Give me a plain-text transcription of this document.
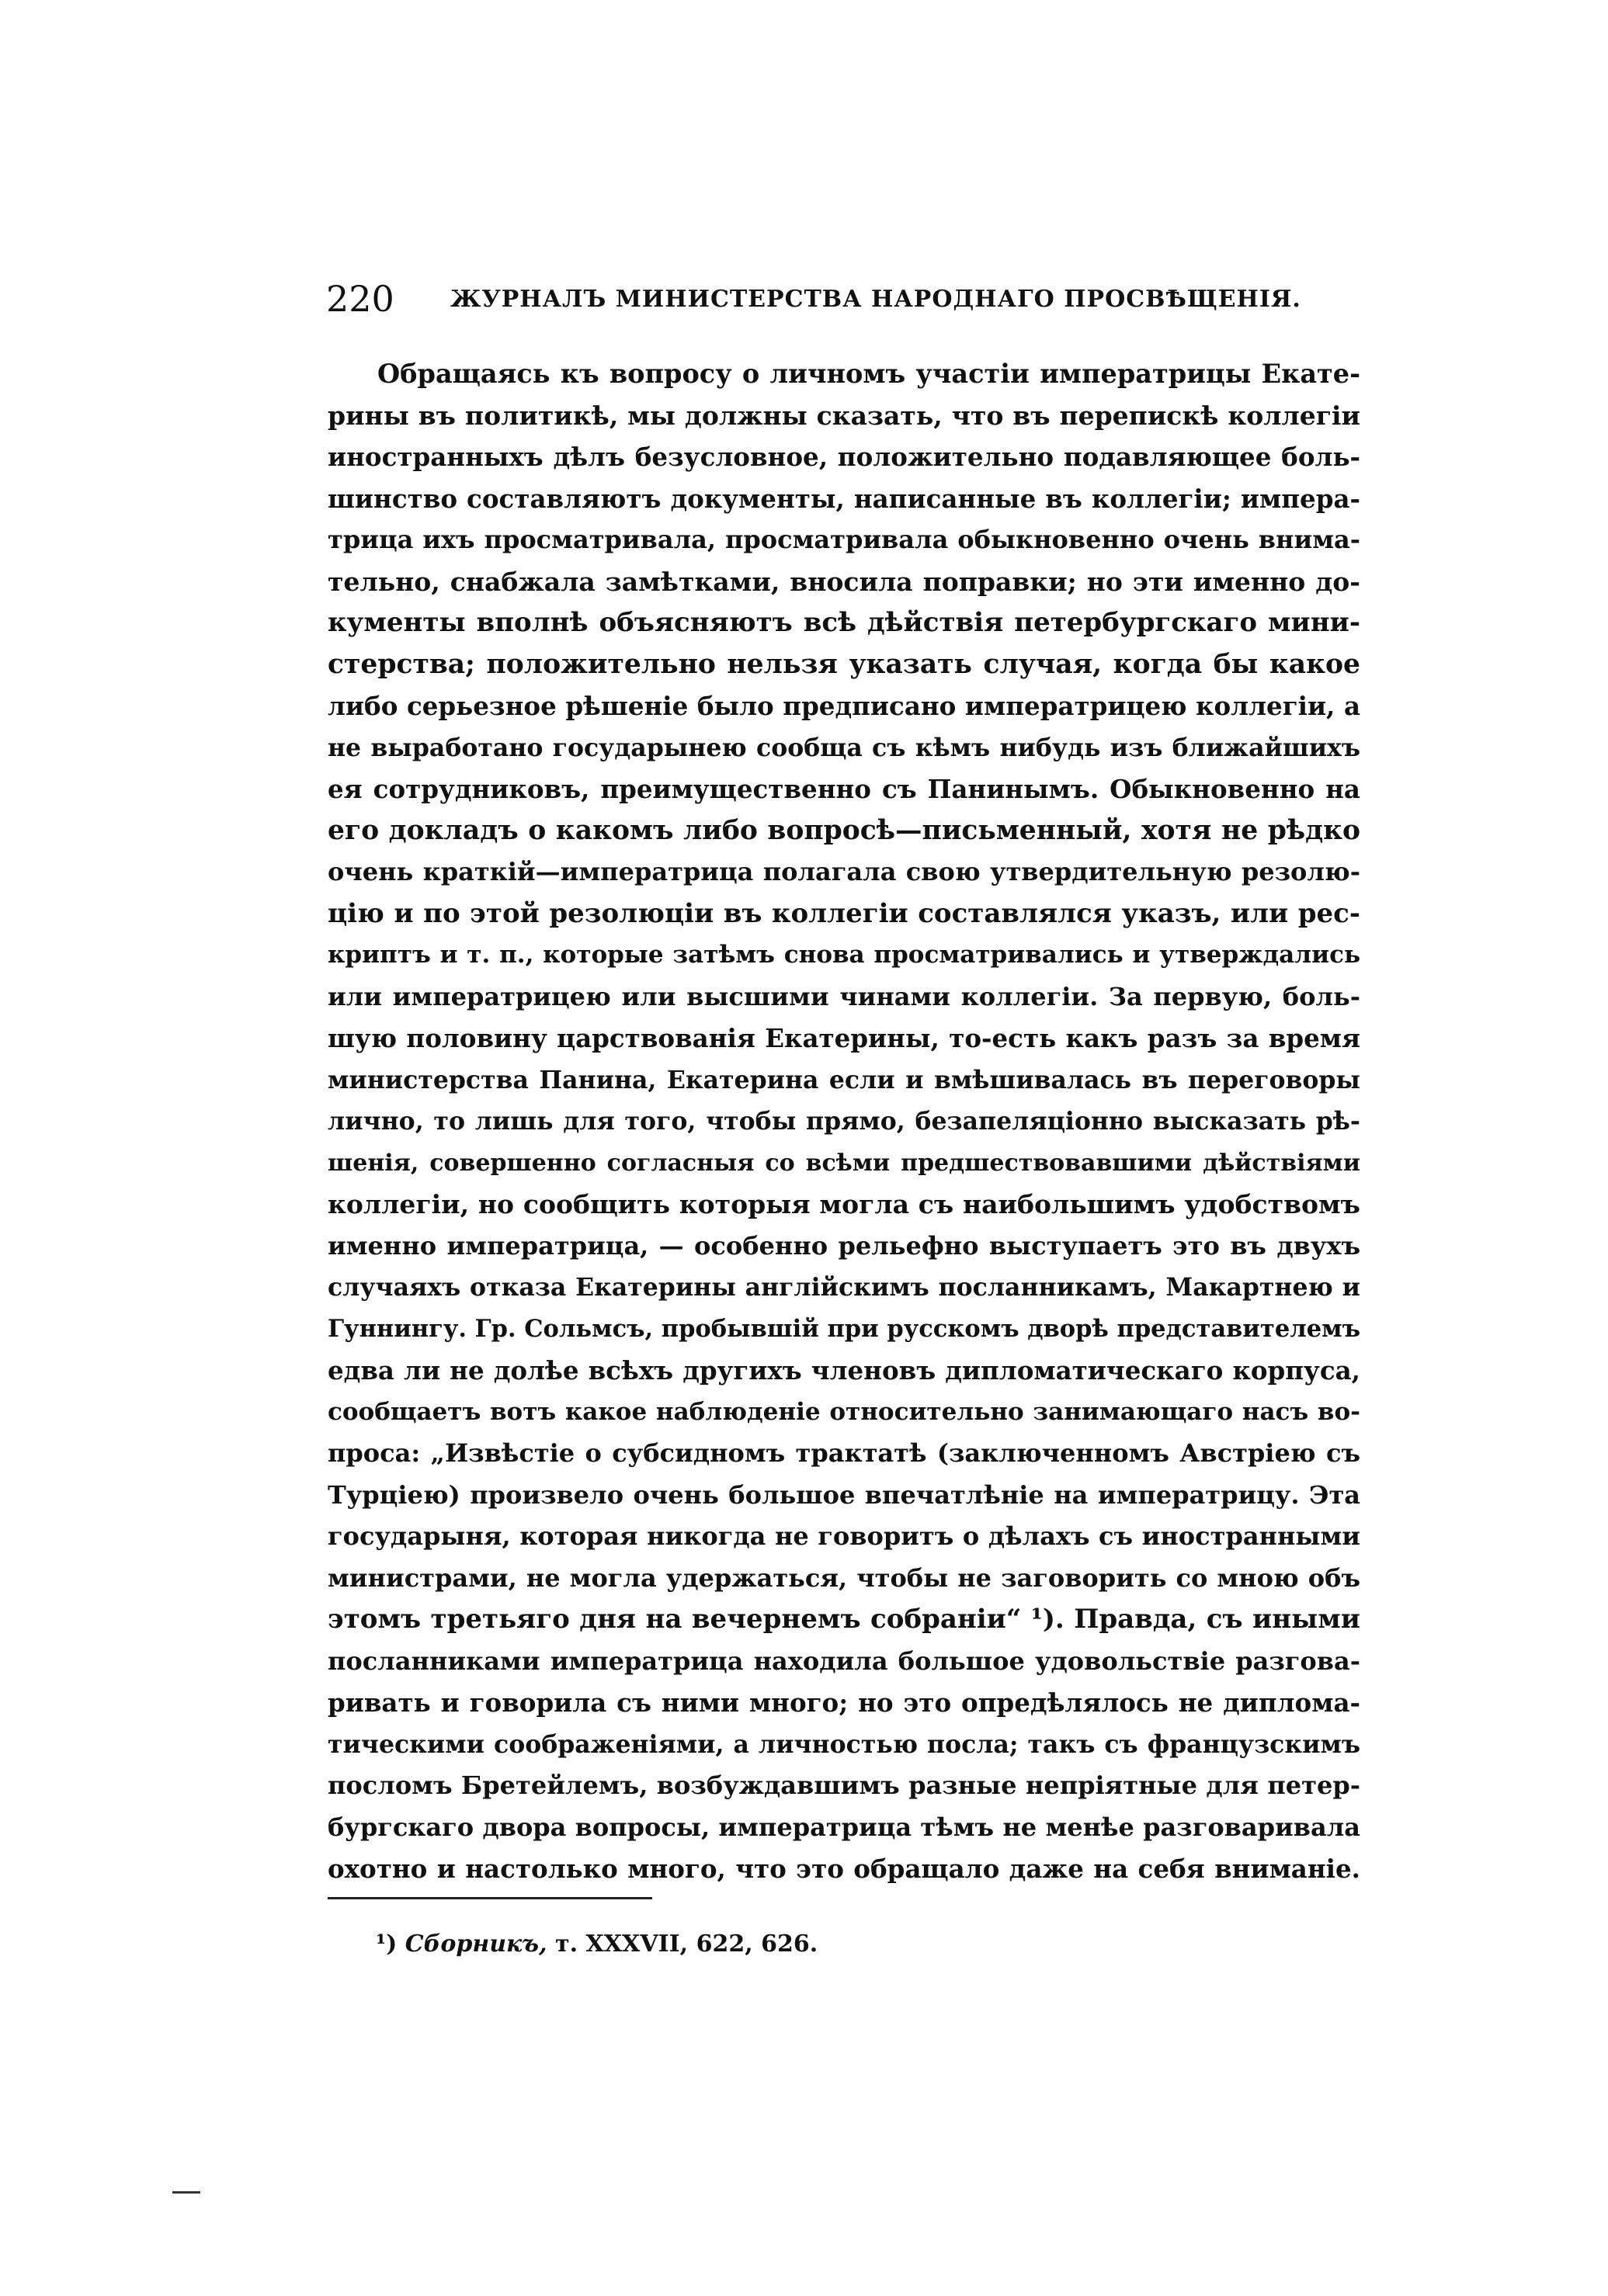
220 ЖУРНАЛЪ МИНИСТЕРСТВА НАРОДНАГО ПРОСВѢЩЕНІЯ.
Обращаясь къ вопросу о личномъ участіи императрицы Екате-
рины въ политикѣ, мы должны сказать, что въ перепискѣ коллегіи
иностранныхъ дѣлъ безусловное, положительно подавляющее боль-
шинство составляютъ документы, написанные въ коллегіи; импера-
трица ихъ просматривала, просматривала обыкновенно очень внима-
тельно, снабжала замѣтками, вносила поправки; но эти именно до-
кументы вполнѣ объясняютъ всѣ дѣйствія петербургскаго мини-
стерства; положительно нельзя указать случая, когда бы какое
либо серьезное рѣшеніе было предписано императрицею коллегіи, а
не выработано государынею сообща съ кѣмъ нибудь изъ ближайшихъ
ея сотрудниковъ, преимущественно съ Панинымъ. Обыкновенно на
его докладъ о какомъ либо вопросѣ—письменный, хотя не рѣдко
очень краткій—императрица полагала свою утвердительную резолю-
цію и по этой резолюціи въ коллегіи составлялся указъ, или рес-
криптъ и т. п., которые затѣмъ снова просматривались и утверждались
или императрицею или высшими чинами коллегіи. За первую, боль-
шую половину царствованія Екатерины, то-есть какъ разъ за время
министерства Панина, Екатерина если и вмѣшивалась въ переговоры
лично, то лишь для того, чтобы прямо, безапеляціонно высказать рѣ-
шенія, совершенно согласныя со всѣми предшествовавшими дѣйствіями
коллегіи, но сообщить которыя могла съ наибольшимъ удобствомъ
именно императрица, — особенно рельефно выступаетъ это въ двухъ
случаяхъ отказа Екатерины англійскимъ посланникамъ, Макартнею и
Гуннингу. Гр. Сольмсъ, пробывшій при русскомъ дворѣ представителемъ
едва ли не долѣе всѣхъ другихъ членовъ дипломатическаго корпуса,
сообщаетъ вотъ какое наблюденіе относительно занимающаго насъ во-
проса: „Извѣстіе о субсидномъ трактатѣ (заключенномъ Австріею съ
Турціею) произвело очень большое впечатлѣніе на императрицу. Эта
государыня, которая никогда не говоритъ о дѣлахъ съ иностранными
министрами, не могла удержаться, чтобы не заговорить со мною объ
этомъ третьяго дня на вечернемъ собраніи“ ¹). Правда, съ иными
посланниками императрица находила большое удовольствіе разгова-
ривать и говорила съ ними много; но это опредѣлялось не диплома-
тическими соображеніями, а личностью посла; такъ съ французскимъ
посломъ Бретейлемъ, возбуждавшимъ разные непріятные для петер-
бургскаго двора вопросы, императрица тѣмъ не менѣе разговаривала
охотно и настолько много, что это обращало даже на себя вниманіе.
¹) Сборникъ, т. XXXVII, 622, 626.
